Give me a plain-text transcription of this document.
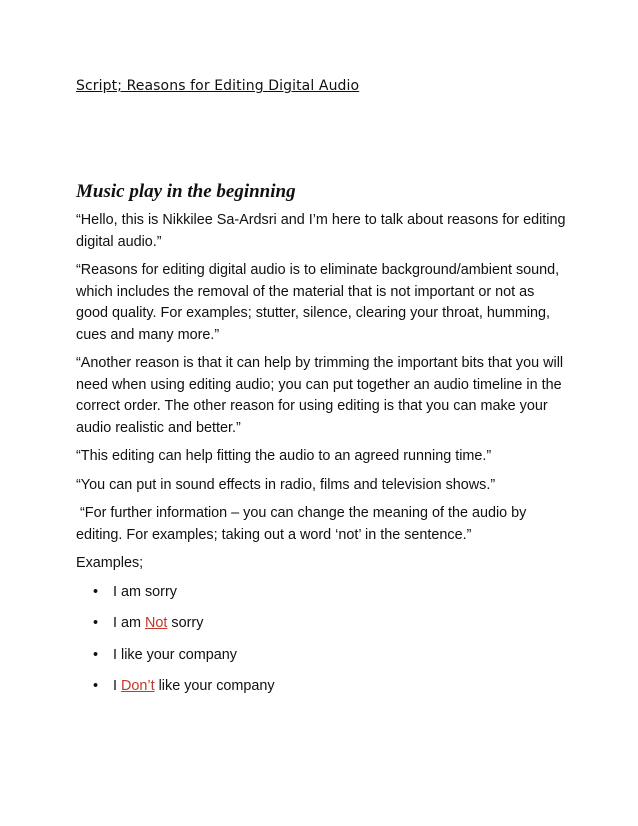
Script; Reasons for Editing Digital Audio
Music play in the beginning

“Hello, this is Nikkilee Sa-Ardsri and I’m here to talk about reasons for editing digital audio.”

“Reasons for editing digital audio is to eliminate background/ambient sound, which includes the removal of the material that is not important or not as good quality. For examples; stutter, silence, clearing your throat, humming, cues and many more.”

“Another reason is that it can help by trimming the important bits that you will need when using editing audio; you can put together an audio timeline in the correct order. The other reason for using editing is that you can make your audio realistic and better.”

“This editing can help fitting the audio to an agreed running time.”

“You can put in sound effects in radio, films and television shows.”

“For further information – you can change the meaning of the audio by editing. For examples; taking out a word ‘not’ in the sentence.”

Examples;

• I am sorry
• I am Not sorry
• I like your company
• I Don’t like your company
